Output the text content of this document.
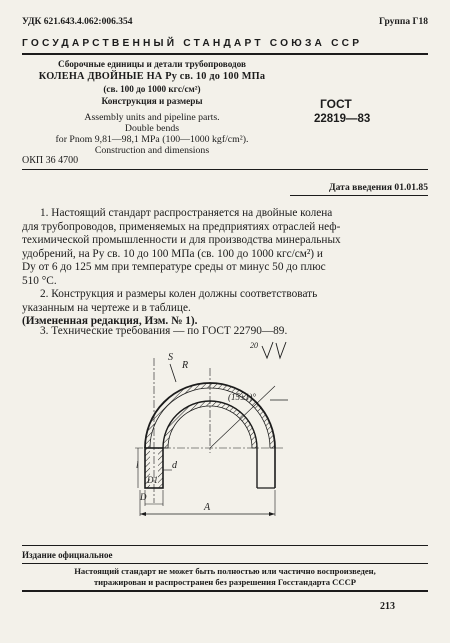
УДК 621.643.4.062:006.354	Группа Г18
ГОСУДАРСТВЕННЫЙ СТАНДАРТ СОЮЗА ССР
Сборочные единицы и детали трубопроводов
КОЛЕНА ДВОЙНЫЕ НА Pу св. 10 до 100 МПа
(св. 100 до 1000 кгс/см²)
Конструкция и размеры
Assembly units and pipeline parts.
Double bends
for Pnom 9,81—98,1 MPa (100—1000 kgf/cm²).
Construction and dimensions
ГОСТ
22819—83
ОКП 36 4700
Дата введения 01.01.85
1. Настоящий стандарт распространяется на двойные колена
для трубопроводов, применяемых на предприятиях отраслей неф-
техимической промышленности и для производства минеральных
удобрений, на Pу св. 10 до 100 МПа (св. 100 до 1000 кгс/см²) и
Dу от 6 до 125 мм при температуре среды от минус 50 до плюс
510 °С.
2. Конструкция и размеры колен должны соответствовать
указанным на чертеже и в таблице.
(Измененная редакция, Изм. № 1).
3. Технические требования — по ГОСТ 22790—89.
(15±1)°
20
S
R
d
D1
D
l
A
Издание официальное
Настоящий стандарт не может быть полностью или частично воспроизведен,
тиражирован и распространен без разрешения Госстандарта СССР
213
